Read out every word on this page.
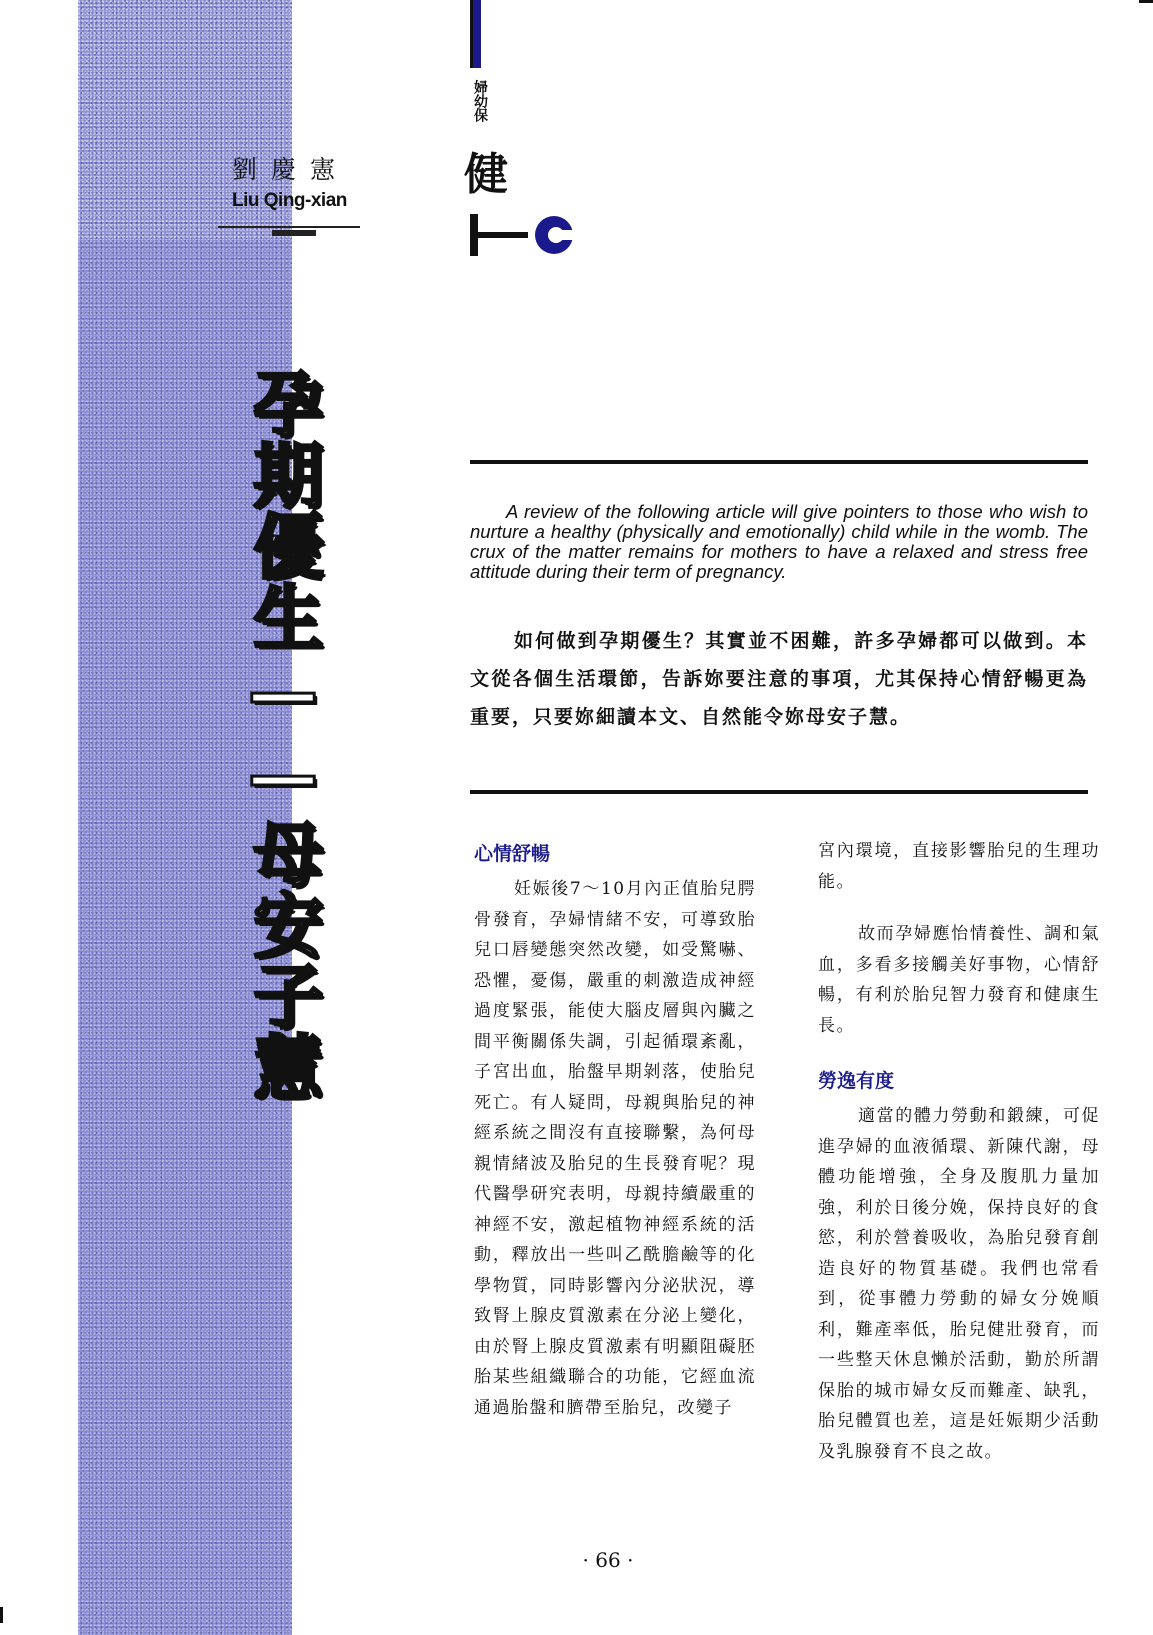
劉慶憲
Liu Qing-xian
孕期優生——母安子慧
婦幼保
健
A review of the following article will give pointers to those who wish to nurture a healthy (physically and emotionally) child while in the womb. The crux of the matter remains for mothers to have a relaxed and stress free attitude during their term of pregnancy.
如何做到孕期優生？其實並不困難，許多孕婦都可以做到。本文從各個生活環節，告訴妳要注意的事項，尤其保持心情舒暢更為重要，只要妳細讀本文、自然能令妳母安子慧。
心情舒暢

妊娠後7～10月內正值胎兒腭骨發育，孕婦情緒不安，可導致胎兒口唇變態突然改變，如受驚嚇、恐懼，憂傷，嚴重的刺激造成神經過度緊張，能使大腦皮層與內臟之間平衡關係失調，引起循環紊亂，子宮出血，胎盤早期剝落，使胎兒死亡。有人疑問，母親與胎兒的神經系統之間沒有直接聯繫，為何母親情緒波及胎兒的生長發育呢？現代醫學研究表明，母親持續嚴重的神經不安，激起植物神經系統的活動，釋放出一些叫乙酰膽鹼等的化學物質，同時影響內分泌狀況，導致腎上腺皮質激素在分泌上變化，由於腎上腺皮質激素有明顯阻礙胚胎某些組織聯合的功能，它經血流通過胎盤和臍帶至胎兒，改變子

宮內環境，直接影響胎兒的生理功能。

故而孕婦應怡情養性、調和氣血，多看多接觸美好事物，心情舒暢，有利於胎兒智力發育和健康生長。

勞逸有度

適當的體力勞動和鍛練，可促進孕婦的血液循環、新陳代謝，母體功能增強，全身及腹肌力量加強，利於日後分娩，保持良好的食慾，利於營養吸收，為胎兒發育創造良好的物質基礎。我們也常看到，從事體力勞動的婦女分娩順利，難產率低，胎兒健壯發育，而一些整天休息懶於活動，勤於所謂保胎的城市婦女反而難產、缺乳，胎兒體質也差，這是妊娠期少活動及乳腺發育不良之故。

· 66 ·
